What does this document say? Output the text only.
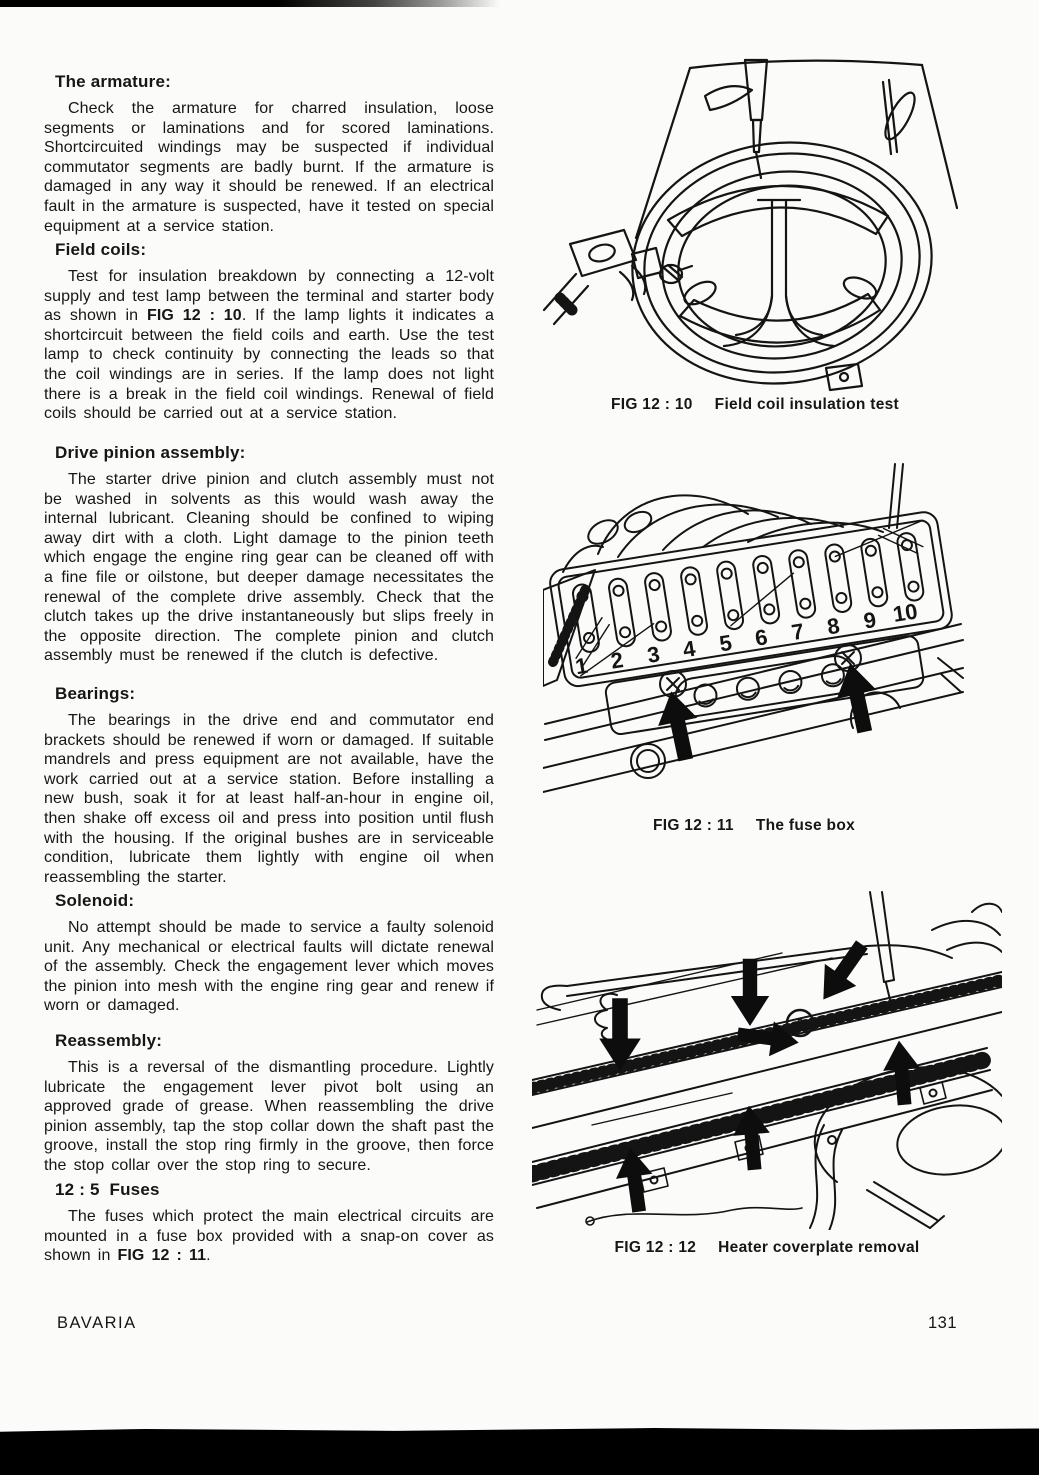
The armature:

Check the armature for charred insulation, loose segments or laminations and for scored laminations. Shortcircuited windings may be suspected if individual commutator segments are badly burnt. If the armature is damaged in any way it should be renewed. If an electrical fault in the armature is suspected, have it tested on special equipment at a service station.

Field coils:

Test for insulation breakdown by connecting a 12-volt supply and test lamp between the terminal and starter body as shown in FIG 12 : 10. If the lamp lights it indicates a shortcircuit between the field coils and earth. Use the test lamp to check continuity by connecting the leads so that the coil windings are in series. If the lamp does not light there is a break in the field coil windings. Renewal of field coils should be carried out at a service station.

Drive pinion assembly:

The starter drive pinion and clutch assembly must not be washed in solvents as this would wash away the internal lubricant. Cleaning should be confined to wiping away dirt with a cloth. Light damage to the pinion teeth which engage the engine ring gear can be cleaned off with a fine file or oilstone, but deeper damage necessitates the renewal of the complete drive assembly. Check that the clutch takes up the drive instantaneously but slips freely in the opposite direction. The complete pinion and clutch assembly must be renewed if the clutch is defective.

Bearings:

The bearings in the drive end and commutator end brackets should be renewed if worn or damaged. If suitable mandrels and press equipment are not available, have the work carried out at a service station. Before installing a new bush, soak it for at least half-an-hour in engine oil, then shake off excess oil and press into position until flush with the housing. If the original bushes are in serviceable condition, lubricate them lightly with engine oil when reassembling the starter.

Solenoid:

No attempt should be made to service a faulty solenoid unit. Any mechanical or electrical faults will dictate renewal of the assembly. Check the engagement lever which moves the pinion into mesh with the engine ring gear and renew if worn or damaged.

Reassembly:

This is a reversal of the dismantling procedure. Lightly lubricate the engagement lever pivot bolt using an approved grade of grease. When reassembling the drive pinion assembly, tap the stop collar down the shaft past the groove, install the stop ring firmly in the groove, then force the stop collar over the stop ring to secure.

12 : 5  Fuses

The fuses which protect the main electrical circuits are mounted in a fuse box provided with a snap-on cover as shown in FIG 12 : 11.

FIG 12 : 10 Field coil insulation test
1 2 3 4 5 6 7 8 9 10
FIG 12 : 11 The fuse box
A
FIG 12 : 12 Heater coverplate removal
BAVARIA	131
